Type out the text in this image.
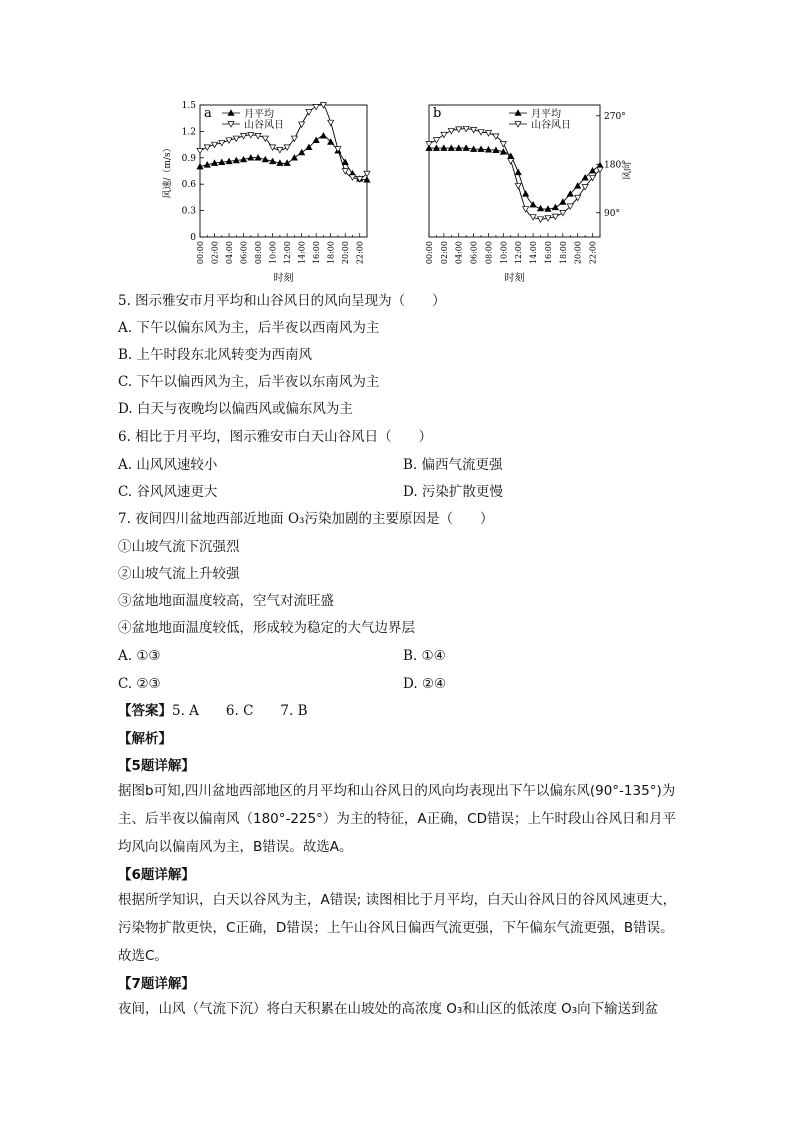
0
0.3
0.6
0.9
1.2
1.5
00:00 02:00 04:00 06:00 08:00 10:00 12:00 14:00 16:00 18:00 20:00 22:00
时刻
风速/（m/s）
a	月平均
山谷风日
90°
180°
270°
00:00 02:00 04:00 06:00 08:00 10:00 12:00 14:00 16:00 18:00 20:00 22:00
时刻
风向
b	月平均
山谷风日
5. 图示雅安市月平均和山谷风日的风向呈现为（　　）
A. 下午以偏东风为主，后半夜以西南风为主
B. 上午时段东北风转变为西南风
C. 下午以偏西风为主，后半夜以东南风为主
D. 白天与夜晚均以偏西风或偏东风为主
6. 相比于月平均，图示雅安市白天山谷风日（　　）
A. 山风风速较小	B. 偏西气流更强
C. 谷风风速更大	D. 污染扩散更慢
7. 夜间四川盆地西部近地面 O₃污染加剧的主要原因是（　　）
①山坡气流下沉强烈
②山坡气流上升较强
③盆地地面温度较高，空气对流旺盛
④盆地地面温度较低，形成较为稳定的大气边界层
A. ①③	B. ①④
C. ②③	D. ②④
【答案】5. A　　6. C　　7. B
【解析】
【5题详解】
据图b可知,四川盆地西部地区的月平均和山谷风日的风向均表现出下午以偏东风(90°-135°)为主、后半夜以偏南风（180°-225°）为主的特征，A正确，CD错误；上午时段山谷风日和月平均风向以偏南风为主，B错误。故选A。
【6题详解】
根据所学知识，白天以谷风为主，A错误; 读图相比于月平均，白天山谷风日的谷风风速更大，污染物扩散更快，C正确，D错误；上午山谷风日偏西气流更强，下午偏东气流更强，B错误。故选C。
【7题详解】
夜间，山风（气流下沉）将白天积累在山坡处的高浓度 O₃和山区的低浓度 O₃向下输送到盆
